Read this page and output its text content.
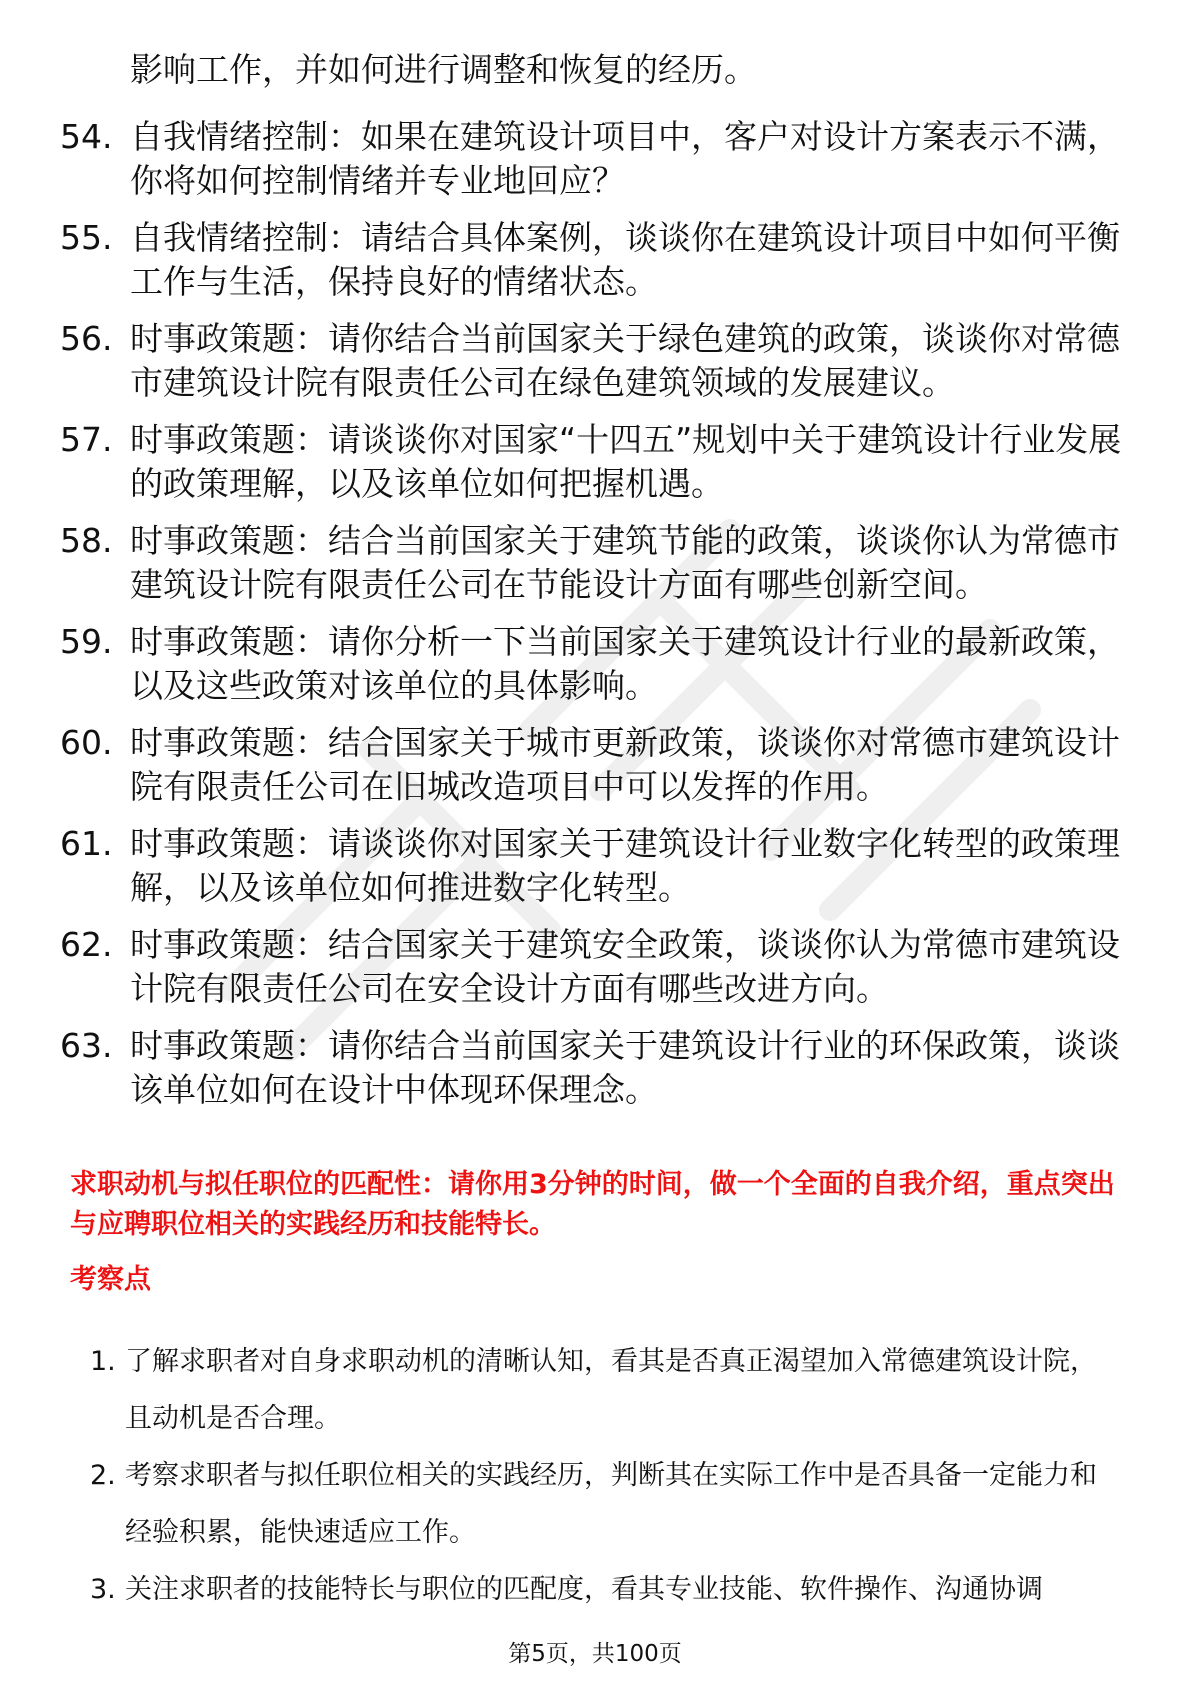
影响工作，并如何进行调整和恢复的经历。

54. 自我情绪控制：如果在建筑设计项目中，客户对设计方案表示不满，你将如何控制情绪并专业地回应？
55. 自我情绪控制：请结合具体案例，谈谈你在建筑设计项目中如何平衡工作与生活，保持良好的情绪状态。
56. 时事政策题：请你结合当前国家关于绿色建筑的政策，谈谈你对常德市建筑设计院有限责任公司在绿色建筑领域的发展建议。
57. 时事政策题：请谈谈你对国家“十四五”规划中关于建筑设计行业发展的政策理解，以及该单位如何把握机遇。
58. 时事政策题：结合当前国家关于建筑节能的政策，谈谈你认为常德市建筑设计院有限责任公司在节能设计方面有哪些创新空间。
59. 时事政策题：请你分析一下当前国家关于建筑设计行业的最新政策，以及这些政策对该单位的具体影响。
60. 时事政策题：结合国家关于城市更新政策，谈谈你对常德市建筑设计院有限责任公司在旧城改造项目中可以发挥的作用。
61. 时事政策题：请谈谈你对国家关于建筑设计行业数字化转型的政策理解，以及该单位如何推进数字化转型。
62. 时事政策题：结合国家关于建筑安全政策，谈谈你认为常德市建筑设计院有限责任公司在安全设计方面有哪些改进方向。
63. 时事政策题：请你结合当前国家关于建筑设计行业的环保政策，谈谈该单位如何在设计中体现环保理念。

求职动机与拟任职位的匹配性：请你用3分钟的时间，做一个全面的自我介绍，重点突出与应聘职位相关的实践经历和技能特长。

考察点
1. 了解求职者对自身求职动机的清晰认知，看其是否真正渴望加入常德建筑设计院，且动机是否合理。
2. 考察求职者与拟任职位相关的实践经历，判断其在实际工作中是否具备一定能力和经验积累，能快速适应工作。
3. 关注求职者的技能特长与职位的匹配度，看其专业技能、软件操作、沟通协调

第5页，共100页
